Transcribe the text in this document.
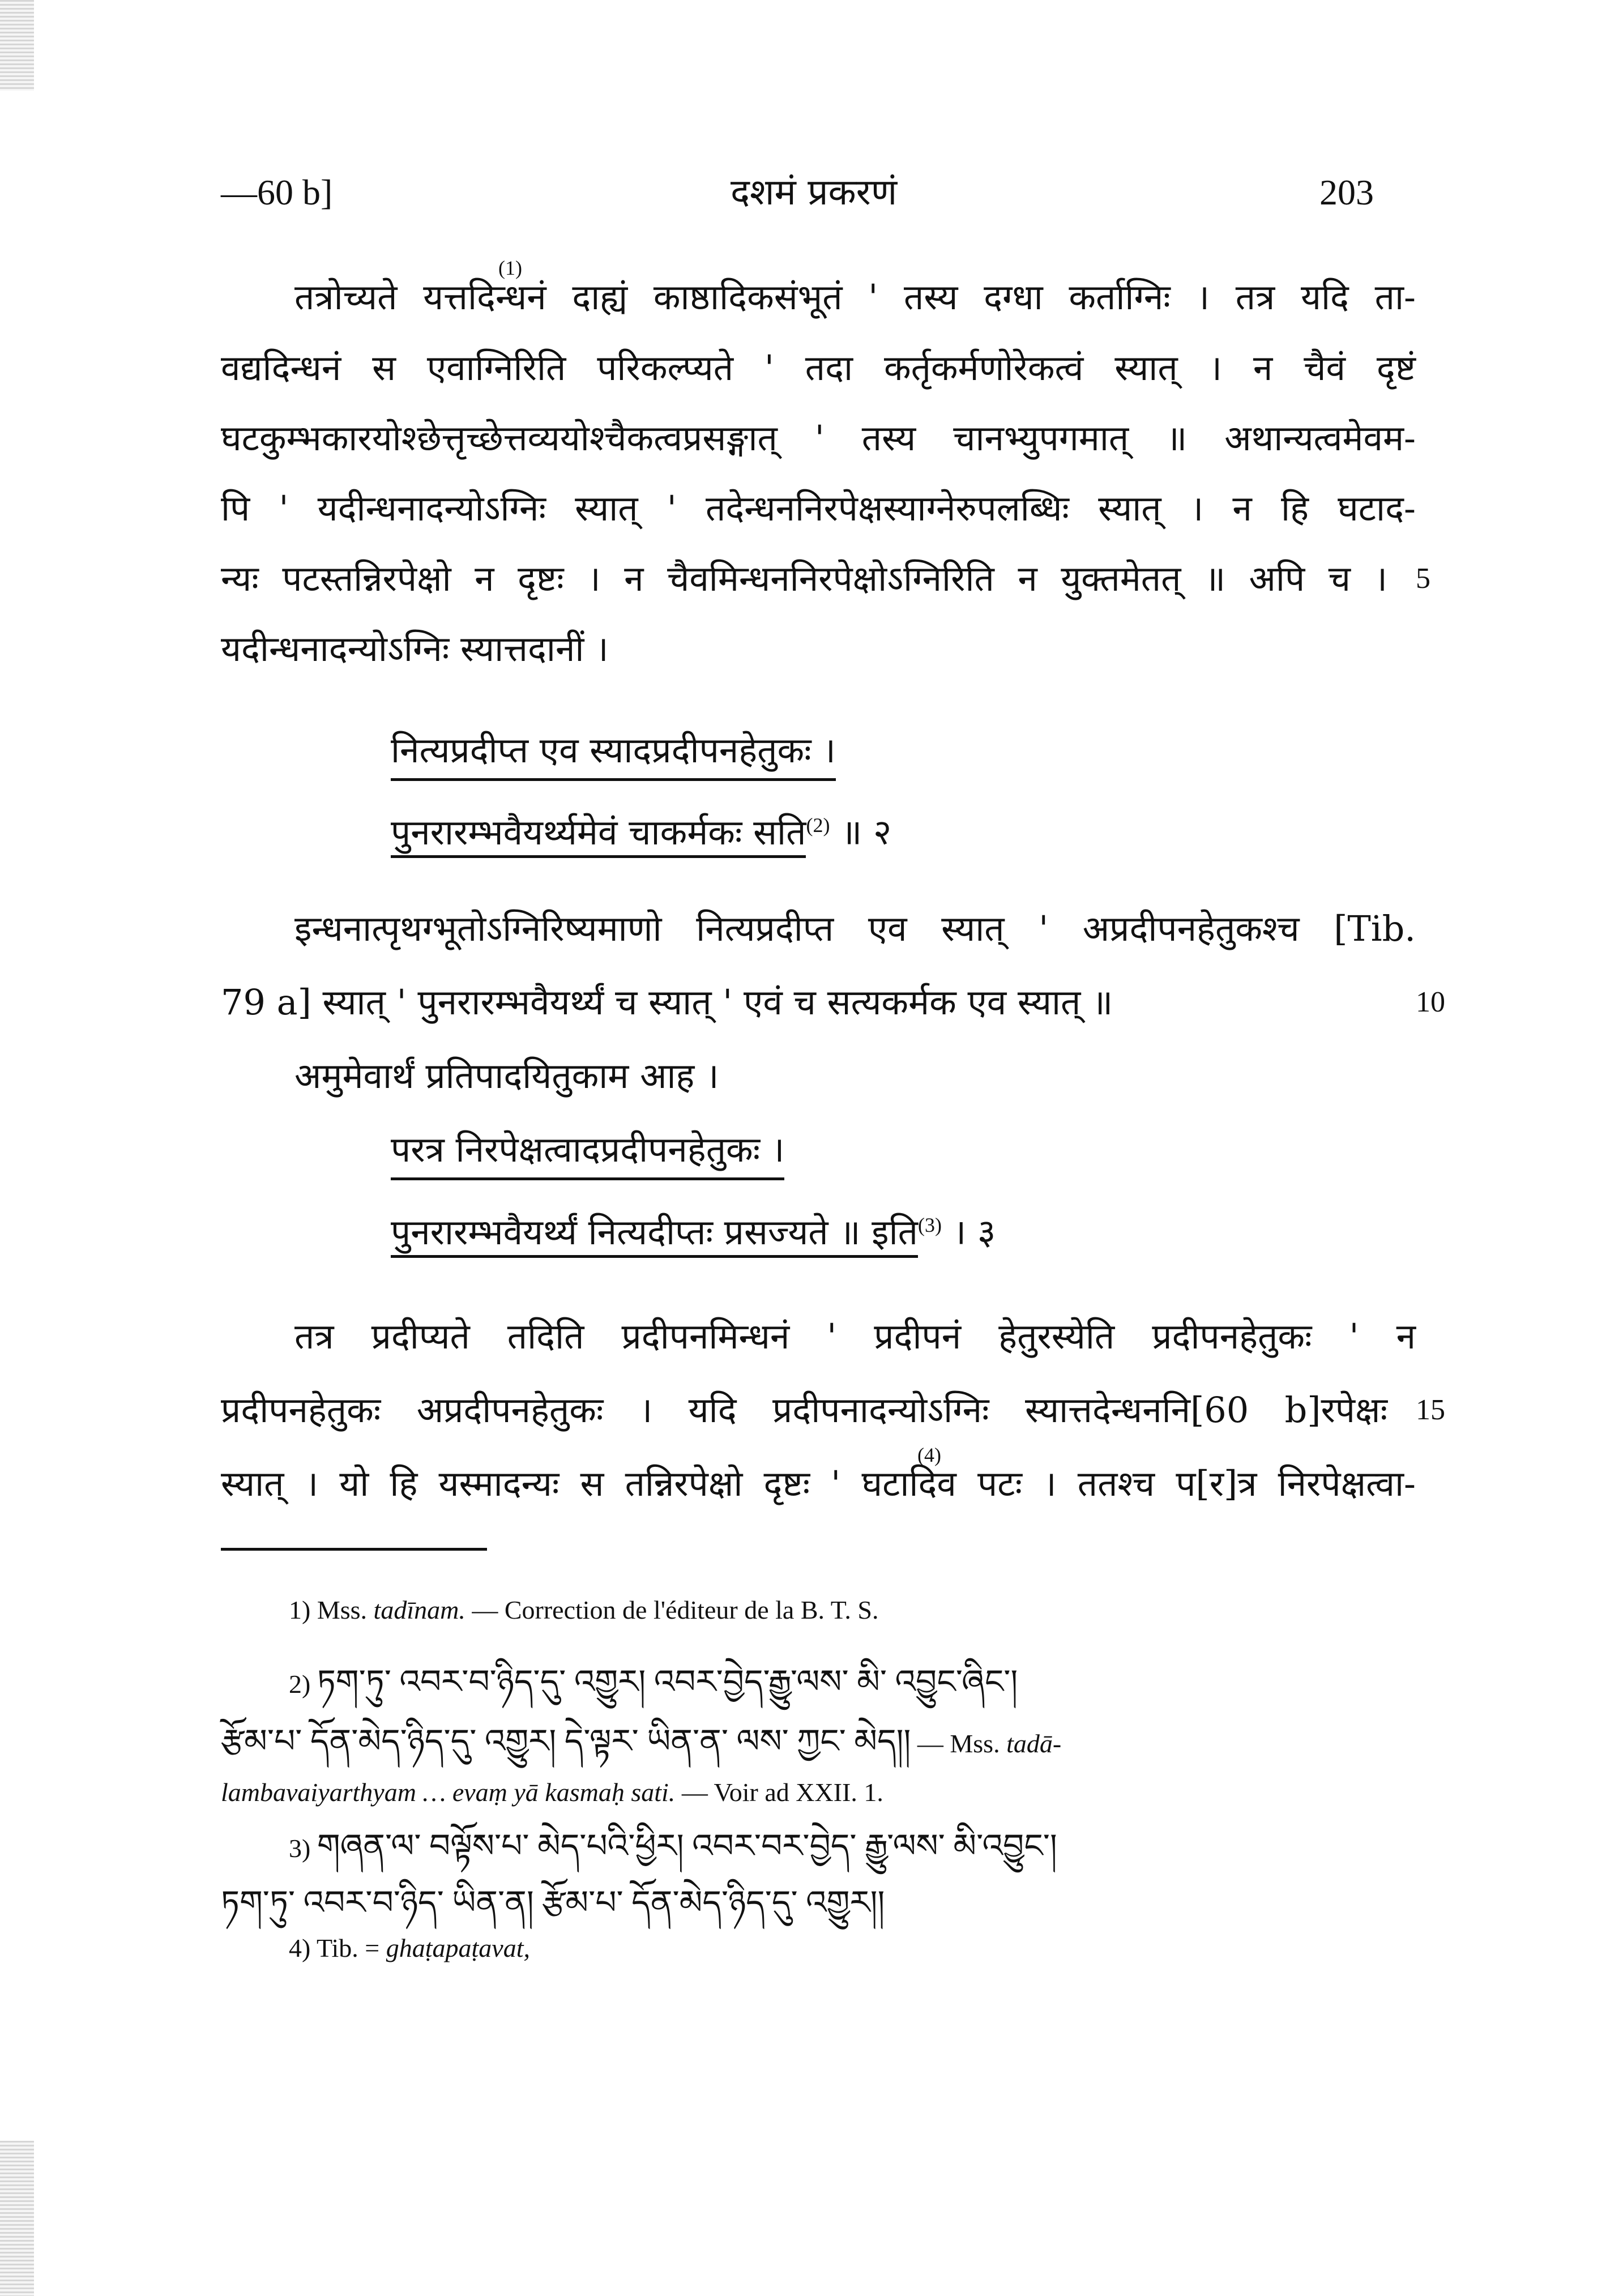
—60 b]	दशमं प्रकरणं	203
तत्रोच्यते यत्तदिन्धनं दाह्यं काष्ठादिकसंभूतं ' तस्य दग्धा कर्ताग्निः । तत्र यदि ता-
(1)
वद्यदिन्धनं स एवाग्निरिति परिकल्प्यते ' तदा कर्तृकर्मणोरेकत्वं स्यात् । न चैवं दृष्टं
घटकुम्भकारयोश्छेत्तृच्छेत्तव्ययोश्चैकत्वप्रसङ्गात् ' तस्य चानभ्युपगमात् ॥ अथान्यत्वमेवम-
पि ' यदीन्धनादन्योऽग्निः स्यात् ' तदेन्धननिरपेक्षस्याग्नेरुपलब्धिः स्यात् । न हि घटाद-
न्यः पटस्तन्निरपेक्षो न दृष्टः । न चैवमिन्धननिरपेक्षोऽग्निरिति न युक्तमेतत् ॥ अपि च । 5
यदीन्धनादन्योऽग्निः स्यात्तदानीं ।
नित्यप्रदीप्त एव स्यादप्रदीपनहेतुकः ।
पुनरारम्भवैयर्थ्यमेवं चाकर्मकः सति$^{(2)}$ ॥ २
इन्धनात्पृथग्भूतोऽग्निरिष्यमाणो नित्यप्रदीप्त एव स्यात् ' अप्रदीपनहेतुकश्च [Tib.
79 a] स्यात् ' पुनरारम्भवैयर्थ्यं च स्यात् ' एवं च सत्यकर्मक एव स्यात् ॥	10
अमुमेवार्थं प्रतिपादयितुकाम आह ।
परत्र निरपेक्षत्वादप्रदीपनहेतुकः ।
पुनरारम्भवैयर्थ्यं नित्यदीप्तः प्रसज्यते ॥ इति$^{(3)}$ । ३
तत्र प्रदीप्यते तदिति प्रदीपनमिन्धनं ' प्रदीपनं हेतुरस्येति प्रदीपनहेतुकः ' न
प्रदीपनहेतुकः अप्रदीपनहेतुकः । यदि प्रदीपनादन्योऽग्निः स्यात्तदेन्धननि[60 b]रपेक्षः 15
स्यात् । यो हि यस्मादन्यः स तन्निरपेक्षो दृष्टः ' घटादिव पटः । ततश्च प[र]त्र निरपेक्षत्वा-
(4)
1) Mss. tadīnam. — Correction de l'éditeur de la B. T. S.
2) ཏག་ཏུ་ འབར་བ་ཉིད་དུ་ འགྱུར། འབར་བྱེད་རྒྱུ་ལས་ མི་ འབྱུང་ཞིང་།
རྩོམ་པ་ དོན་མེད་ཉིད་དུ་ འགྱུར། དེ་ལྟར་ ཡིན་ན་ ལས་ ཀྱང་ མེད།། — Mss. tadā-
lambavaiyarthyam … evaṃ yā kasmaḥ sati. — Voir ad XXII. 1.
3) གཞན་ལ་ བལྟོས་པ་ མེད་པའི་ཕྱིར། འབར་བར་བྱེད་ རྒྱུ་ལས་ མི་འབྱུང་།
ཏག་ཏུ་ འབར་བ་ཉིད་ ཡིན་ན། རྩོམ་པ་ དོན་མེད་ཉིད་དུ་ འགྱུར།།
4) Tib. = ghaṭapaṭavat,
